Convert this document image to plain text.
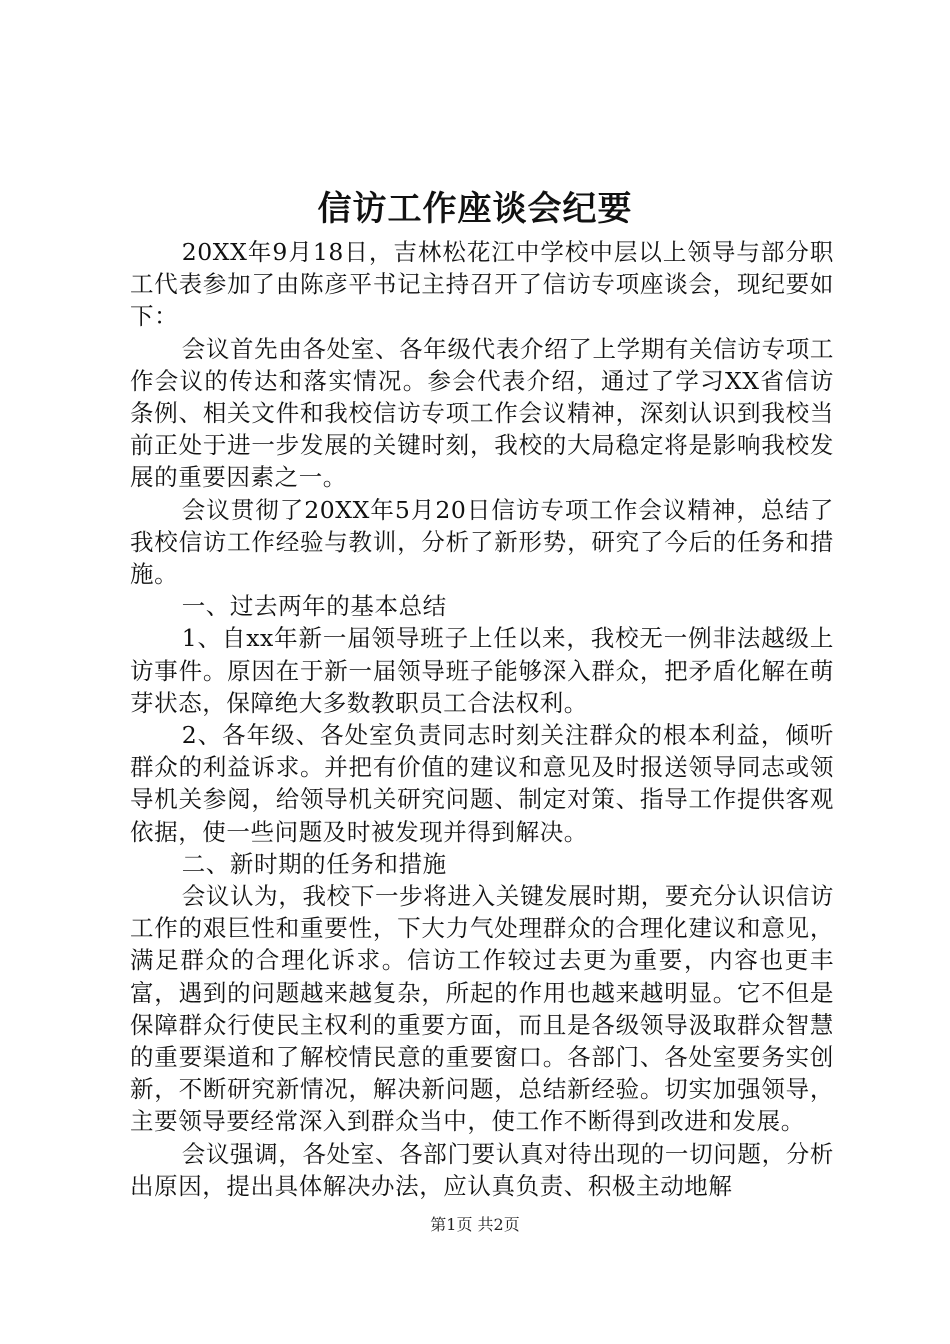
信访工作座谈会纪要

20XX年9月18日，吉林松花江中学校中层以上领导与部分职工代表参加了由陈彦平书记主持召开了信访专项座谈会，现纪要如下：

会议首先由各处室、各年级代表介绍了上学期有关信访专项工作会议的传达和落实情况。参会代表介绍，通过了学习XX省信访条例、相关文件和我校信访专项工作会议精神，深刻认识到我校当前正处于进一步发展的关键时刻，我校的大局稳定将是影响我校发展的重要因素之一。

会议贯彻了20XX年5月20日信访专项工作会议精神，总结了我校信访工作经验与教训，分析了新形势，研究了今后的任务和措施。

一、过去两年的基本总结

1、自xx年新一届领导班子上任以来，我校无一例非法越级上访事件。原因在于新一届领导班子能够深入群众，把矛盾化解在萌芽状态，保障绝大多数教职员工合法权利。

2、各年级、各处室负责同志时刻关注群众的根本利益，倾听群众的利益诉求。并把有价值的建议和意见及时报送领导同志或领导机关参阅，给领导机关研究问题、制定对策、指导工作提供客观依据，使一些问题及时被发现并得到解决。

二、新时期的任务和措施

会议认为，我校下一步将进入关键发展时期，要充分认识信访工作的艰巨性和重要性，下大力气处理群众的合理化建议和意见，满足群众的合理化诉求。信访工作较过去更为重要，内容也更丰富，遇到的问题越来越复杂，所起的作用也越来越明显。它不但是保障群众行使民主权利的重要方面，而且是各级领导汲取群众智慧的重要渠道和了解校情民意的重要窗口。各部门、各处室要务实创新，不断研究新情况，解决新问题，总结新经验。切实加强领导，主要领导要经常深入到群众当中，使工作不断得到改进和发展。

会议强调，各处室、各部门要认真对待出现的一切问题，分析出原因，提出具体解决办法，应认真负责、积极主动地解

第1页 共2页
